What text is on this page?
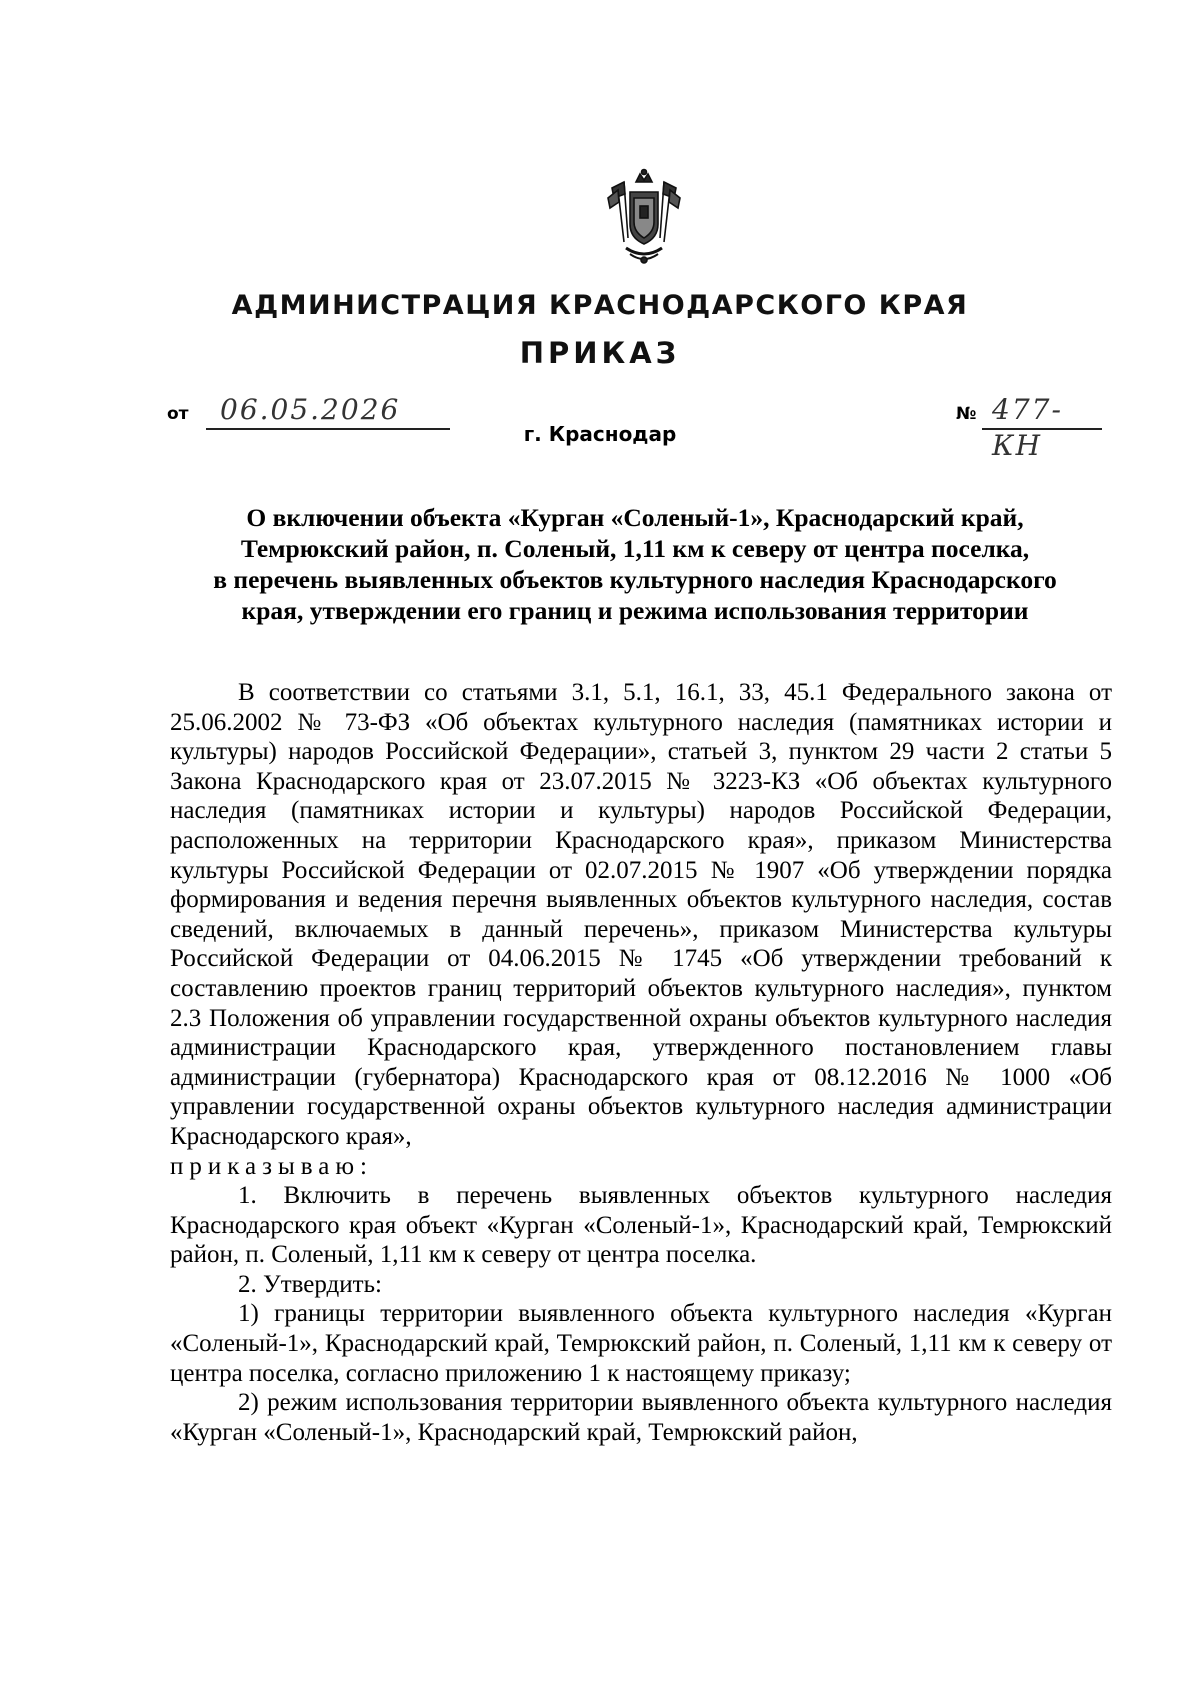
АДМИНИСТРАЦИЯ КРАСНОДАРСКОГО КРАЯ
ПРИКАЗ
от	06.05.2026	№ 477-КН
г. Краснодар
О включении объекта «Курган «Соленый-1», Краснодарский край,
Темрюкский район, п. Соленый, 1,11 км к северу от центра поселка,
в перечень выявленных объектов культурного наследия Краснодарского
края, утверждении его границ и режима использования территории

В соответствии со статьями 3.1, 5.1, 16.1, 33, 45.1 Федерального закона от 25.06.2002 № 73-ФЗ «Об объектах культурного наследия (памятниках истории и культуры) народов Российской Федерации», статьей 3, пунктом 29 части 2 статьи 5 Закона Краснодарского края от 23.07.2015 № 3223-КЗ «Об объектах культурного наследия (памятниках истории и культуры) народов Российской Федерации, расположенных на территории Краснодарского края», приказом Министерства культуры Российской Федерации от 02.07.2015 № 1907 «Об утверждении порядка формирования и ведения перечня выявленных объектов культурного наследия, состав сведений, включаемых в данный перечень», приказом Министерства культуры Российской Федерации от 04.06.2015 № 1745 «Об утверждении требований к составлению проектов границ территорий объектов культурного наследия», пунктом 2.3 Положения об управлении государственной охраны объектов культурного наследия администрации Краснодарского края, утвержденного постановлением главы администрации (губернатора) Краснодарского края от 08.12.2016 № 1000 «Об управлении государственной охраны объектов культурного наследия администрации Краснодарского края»,

приказываю:

1. Включить в перечень выявленных объектов культурного наследия Краснодарского края объект «Курган «Соленый-1», Краснодарский край, Темрюкский район, п. Соленый, 1,11 км к северу от центра поселка.

2. Утвердить:

1) границы территории выявленного объекта культурного наследия «Курган «Соленый-1», Краснодарский край, Темрюкский район, п. Соленый, 1,11 км к северу от центра поселка, согласно приложению 1 к настоящему приказу;

2) режим использования территории выявленного объекта культурного наследия «Курган «Соленый-1», Краснодарский край, Темрюкский район,
